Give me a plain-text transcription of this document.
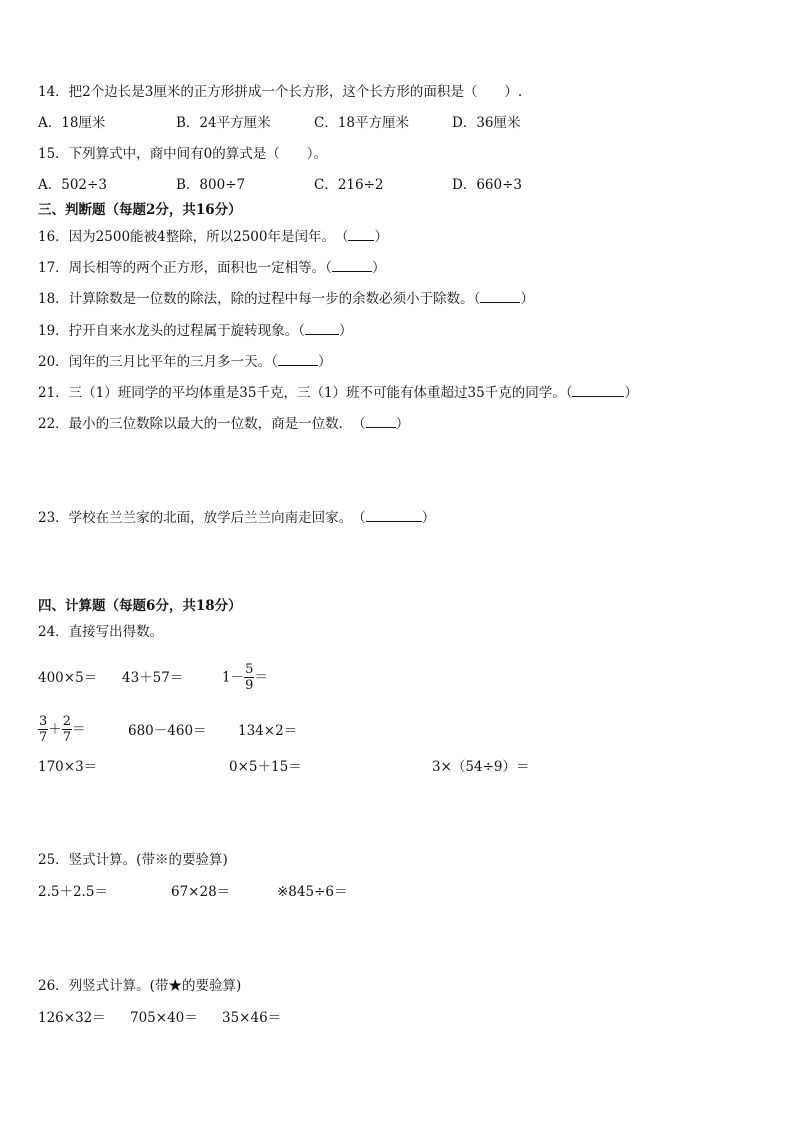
14．把2个边长是3厘米的正方形拼成一个长方形，这个长方形的面积是（　　）.
A．18厘米	B．24平方厘米	C．18平方厘米	D．36厘米
15．下列算式中，商中间有0的算式是（　　）。
A．502÷3	B．800÷7	C．216÷2	D．660÷3
三、判断题（每题2分，共16分）
16．因为2500能被4整除，所以2500年是闰年。　（ ）
17．周长相等的两个正方形，面积也一定相等。（	）
18．计算除数是一位数的除法，除的过程中每一步的余数必须小于除数。（	）
19．拧开自来水龙头的过程属于旋转现象。（	）
20．闰年的三月比平年的三月多一天。（	）
21．三（1）班同学的平均体重是35千克，三（1）班不可能有体重超过35千克的同学。（	）
22．最小的三位数除以最大的一位数，商是一位数．　（ ）
23．学校在兰兰家的北面，放学后兰兰向南走回家。　（	）
四、计算题（每题6分，共18分）
24．直接写出得数。
400×5＝ 43＋57＝	$1- \frac{5}{9}$ ＝
$\frac{3}{7} + \frac{2}{7}$ ＝	680－460＝ 134×2＝
170×3＝	0×5＋15＝	3×（54÷9）＝
25．竖式计算。(带※的要验算)
2.5＋2.5＝	67×28＝	※845÷6＝
26．列竖式计算。(带★的要验算)
126×32＝ 705×40＝ 35×46＝
